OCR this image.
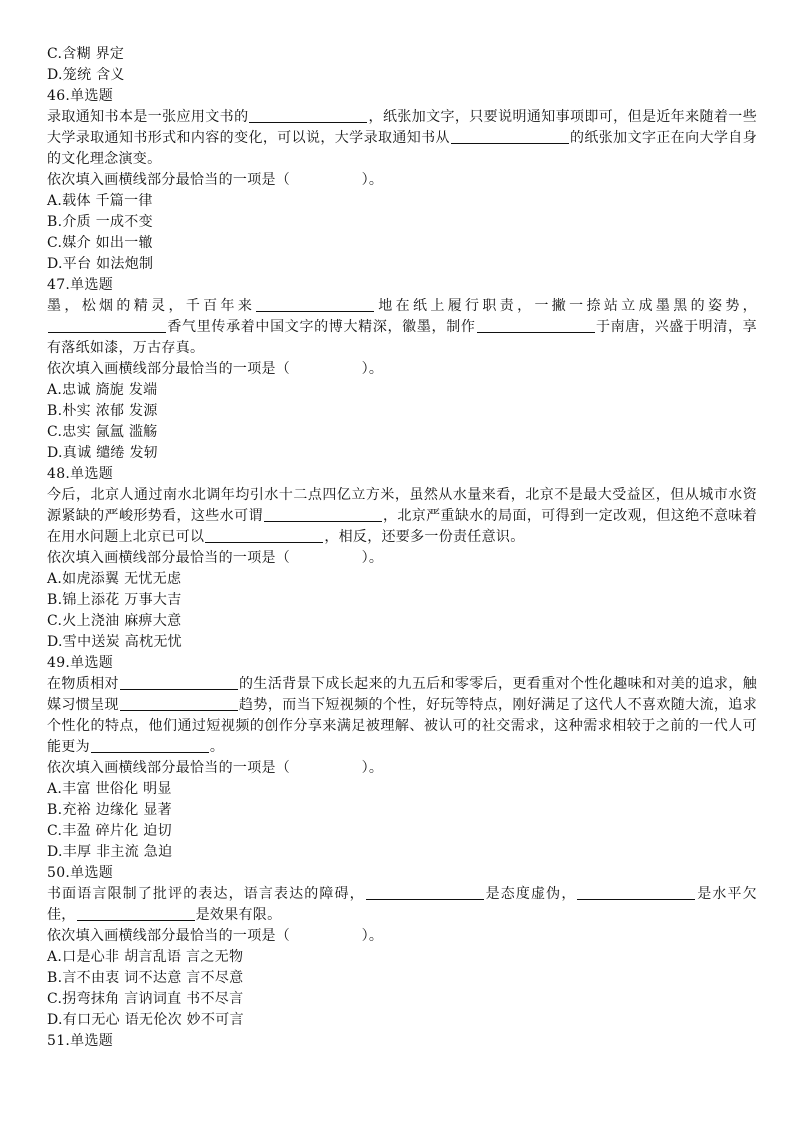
C.含糊 界定
D.笼统 含义
46.单选题
录取通知书本是一张应用文书的	，纸张加文字，只要说明通知事项即可，但是近年来随着一些大学录取通知书形式和内容的变化，可以说，大学录取通知书从	的纸张加文字正在向大学自身的文化理念演变。
依次填入画横线部分最恰当的一项是（　　　　　）。
A.载体 千篇一律
B.介质 一成不变
C.媒介 如出一辙
D.平台 如法炮制
47.单选题
墨，松烟的精灵，千百年来	地在纸上履行职责，一撇一捺站立成墨黑的姿势，香气里传承着中国文字的博大精深，徽墨，制作	于南唐，兴盛于明清，享有落纸如漆，万古存真。
依次填入画横线部分最恰当的一项是（　　　　　）。
A.忠诚 旖旎 发端
B.朴实 浓郁 发源
C.忠实 氤氲 滥觞
D.真诚 缱绻 发轫
48.单选题
今后，北京人通过南水北调年均引水十二点四亿立方米，虽然从水量来看，北京不是最大受益区，但从城市水资源紧缺的严峻形势看，这些水可谓	，北京严重缺水的局面，可得到一定改观，但这绝不意味着在用水问题上北京已可以	，相反，还要多一份责任意识。
依次填入画横线部分最恰当的一项是（　　　　　）。
A.如虎添翼 无忧无虑
B.锦上添花 万事大吉
C.火上浇油 麻痹大意
D.雪中送炭 高枕无忧
49.单选题
在物质相对	的生活背景下成长起来的九五后和零零后，更看重对个性化趣味和对美的追求，触媒习惯呈现	趋势，而当下短视频的个性，好玩等特点，刚好满足了这代人不喜欢随大流，追求个性化的特点，他们通过短视频的创作分享来满足被理解、被认可的社交需求，这种需求相较于之前的一代人可能更为	。
依次填入画横线部分最恰当的一项是（　　　　　）。
A.丰富 世俗化 明显
B.充裕 边缘化 显著
C.丰盈 碎片化 迫切
D.丰厚 非主流 急迫
50.单选题
书面语言限制了批评的表达，语言表达的障碍，	是态度虚伪，	是水平欠佳，	是效果有限。
依次填入画横线部分最恰当的一项是（　　　　　）。
A.口是心非 胡言乱语 言之无物
B.言不由衷 词不达意 言不尽意
C.拐弯抹角 言讷词直 书不尽言
D.有口无心 语无伦次 妙不可言
51.单选题
